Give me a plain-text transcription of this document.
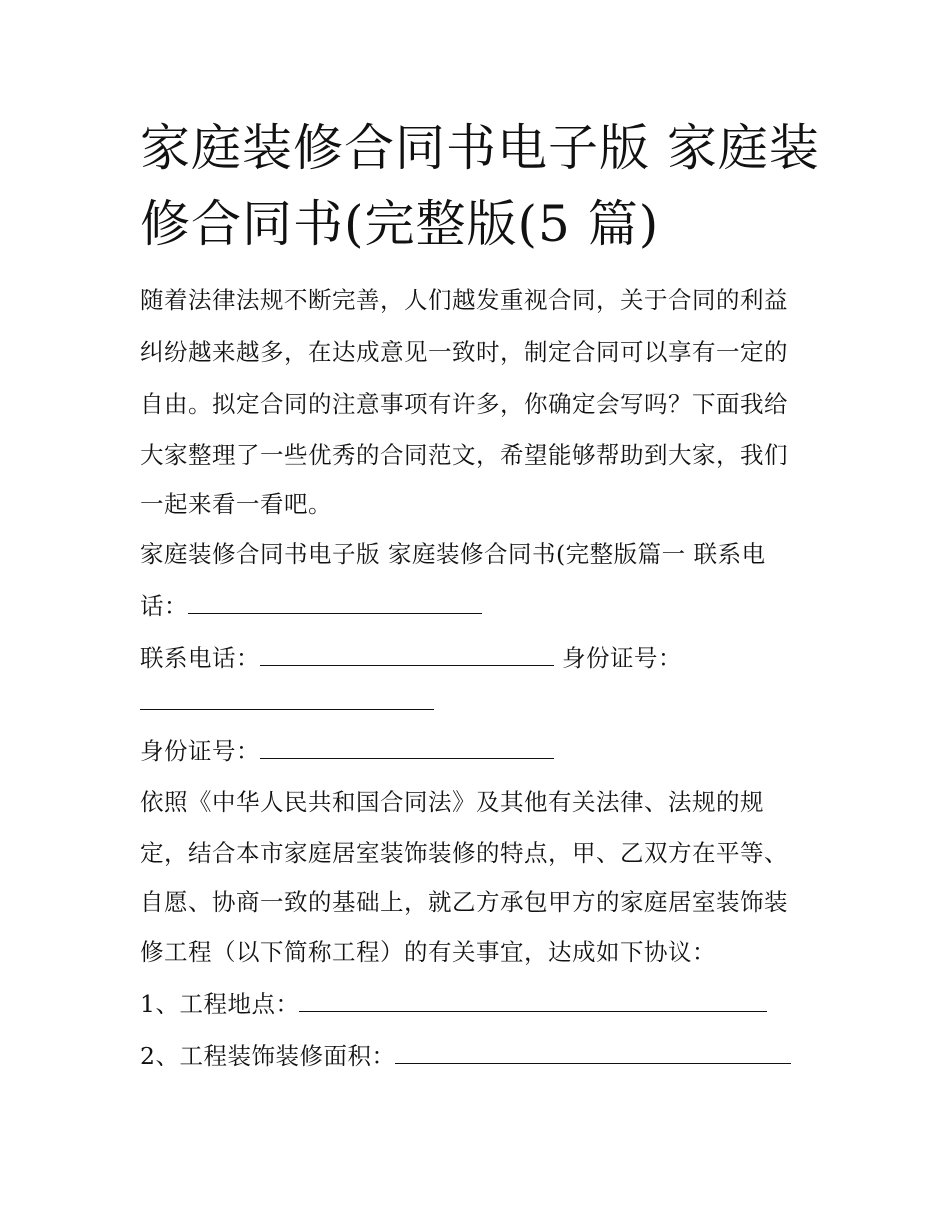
家庭装修合同书电子版 家庭装
修合同书(完整版(5 篇)

随着法律法规不断完善，人们越发重视合同，关于合同的利益

纠纷越来越多，在达成意见一致时，制定合同可以享有一定的

自由。拟定合同的注意事项有许多，你确定会写吗？下面我给

大家整理了一些优秀的合同范文，希望能够帮助到大家，我们

一起来看一看吧。

家庭装修合同书电子版 家庭装修合同书(完整版篇一 联系电

话：

联系电话：	身份证号：

身份证号：

依照《中华人民共和国合同法》及其他有关法律、法规的规

定，结合本市家庭居室装饰装修的特点，甲、乙双方在平等、

自愿、协商一致的基础上，就乙方承包甲方的家庭居室装饰装

修工程（以下简称工程）的有关事宜，达成如下协议：

1、工程地点：

2、工程装饰装修面积：
